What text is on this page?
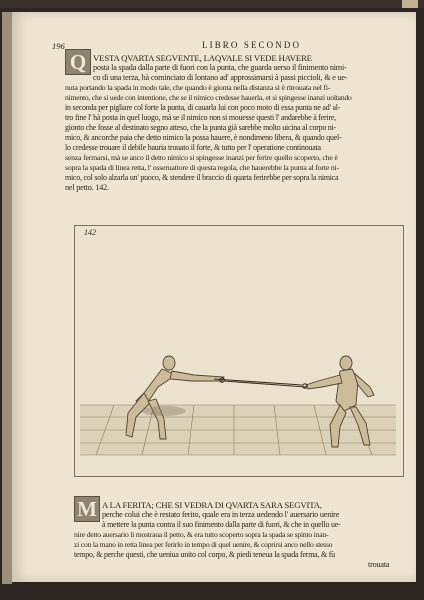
196	LIBRO SECONDO
Q VESTA QVARTA SEGVENTE, LAQVALE SI VEDE HAVERE
posta la spada dalla parte di fuori con la punta, che guarda uerso il finimento nimi-
co di una terza, hà cominciato di lontano ad' approssimarsi à passi piccioli, & e ue-
nuta portando la spada in modo tale, che quando è gionta nella distanza si è ritrouata nel fi-
nimento, che si uede con intentione, che se il nimico credesse hauerla, et si spingesse inanzi uoltando
in seconda per pigliare col forte la punta, di cauarla lui con poco moto di essa punta ne ad' al-
tro fine l' hà posta in quel luogo, mà se il nimico non si mouesse questi l' andarebbe à ferire,
gionto che fosse al destinato segno atteso, che la punta già sarebbe molto uicina al corpo ni-
mico, & ancorche paia che detto nimico la possa hauere, è nondimeno libera, & quando quel-
lo credesse trouare il debile hauria trouato il forte, & tutto per l' operatione continouata
senza fermarsi, mà se anco il detto nimico si spingesse inanzi per ferire quello scoperto, che è
sopra la spada di linea retta, l' osseruattore di questa regola, che hauerebbe la punta al forte ni-
mico, col solo alzarla un' puoco, & stendere il braccio di quarta ferirebbe per sopra la nimica
nel petto. 142.
142
M A LA FERITA; CHE SI VEDRA DI QVARTA SARA SEGVITA,
perche colui che è restato ferito, quale era in terza uedendo l' auersario uenire
à mettere la punta contra il suo finimento dalla parte di fuori, & che in quello ue-
nire detto auersario li mostraua il petto, & era tutto scoperto sopra la spada se spinto inan-
zi con la mano in retta linea per ferirlo in tempo di quel uenire, & coprirsi anco nello stesso
tempo, & perche questi, che ueniua unito col corpo, & piedi teneua la spada ferma, & fù
trouata
